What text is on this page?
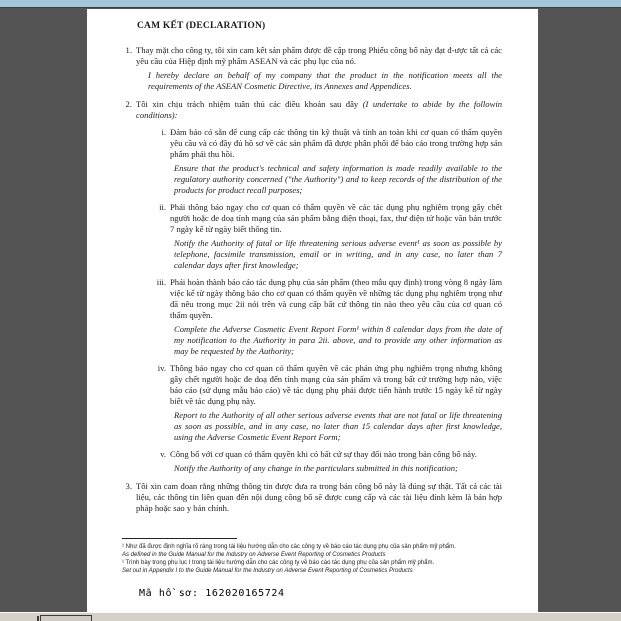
CAM KẾT (DECLARATION)
1. Thay mặt cho công ty, tôi xin cam kết sản phẩm được đề cập trong Phiếu công bố này đạt đ-ược tất cả các yêu cầu của Hiệp định mỹ phẩm ASEAN và các phụ lục của nó.

I hereby declare on behalf of my company that the product in the notification meets all the requirements of the ASEAN Cosmetic Directive, its Annexes and Appendices.

2. Tôi xin chịu trách nhiệm tuân thủ các điều khoản sau đây (I undertake to abide by the followin conditions):

i. Đảm bảo có sẵn để cung cấp các thông tin kỹ thuật và tính an toàn khi cơ quan có thẩm quyền yêu cầu và có đầy đủ hồ sơ về các sản phẩm đã được phân phối để báo cáo trong trường hợp sản phẩm phải thu hồi.

Ensure that the product's technical and safety information is made readily available to the regulatory authority concerned ("the Authority") and to keep records of the distribution of the products for product recall purposes;

ii. Phải thông báo ngay cho cơ quan có thẩm quyền về các tác dụng phụ nghiêm trọng gây chết người hoặc đe doạ tính mạng của sản phẩm bằng điện thoại, fax, thư điện tử hoặc văn bản trước 7 ngày kể từ ngày biết thông tin.

Notify the Authority of fatal or life threatening serious adverse event¹ as soon as possible by telephone, facsimile transmission, email or in writing, and in any case, no later than 7 calendar days after first knowledge;

iii. Phải hoàn thành báo cáo tác dụng phụ của sản phẩm (theo mẫu quy định) trong vòng 8 ngày làm việc kể từ ngày thông báo cho cơ quan có thẩm quyền về những tác dụng phụ nghiêm trọng như đã nêu trong mục 2ii nói trên và cung cấp bất cứ thông tin nào theo yêu cầu của cơ quan có thẩm quyền.

Complete the Adverse Cosmetic Event Report Form¹ within 8 calendar days from the date of my notification to the Authority in para 2ii. above, and to provide any other information as may be requested by the Authority;

iv. Thông báo ngay cho cơ quan có thẩm quyền về các phản ứng phụ nghiêm trọng nhưng không gây chết người hoặc đe doạ đến tính mạng của sản phẩm và trong bất cứ trường hợp nào, việc báo cáo (sử dụng mẫu báo cáo) về tác dụng phụ phải được tiến hành trước 15 ngày kể từ ngày biết về tác dụng phụ này.

Report to the Authority of all other serious adverse events that are not fatal or life threatening as soon as possible, and in any case, no later than 15 calendar days after first knowledge, using the Adverse Cosmetic Event Report Form;

v. Công bố với cơ quan có thẩm quyền khi có bất cứ sự thay đổi nào trong bản công bố này.

Notify the Authority of any change in the particulars submitted in this notification;

3. Tôi xin cam đoan rằng những thông tin được đưa ra trong bản công bố này là đúng sự thật. Tất cả các tài liệu, các thông tin liên quan đến nội dung công bố sẽ được cung cấp và các tài liệu đính kèm là bản hợp pháp hoặc sao y bản chính.

¹ Như đã được định nghĩa rõ ràng trong tài liệu hướng dẫn cho các công ty về báo cáo tác dụng phụ của sản phẩm mỹ phẩm.
As defined in the Guide Manual for the Industry on Adverse Event Reporting of Cosmetics Products
¹ Trình bày trong phụ lục I trong tài liệu hướng dẫn cho các công ty về báo cáo tác dụng phụ của sản phẩm mỹ phẩm.
Set out in Appendix I to the Guide Manual for the Industry on Adverse Event Reporting of Cosmetics Products
Mã hồ sơ: 162020165724
